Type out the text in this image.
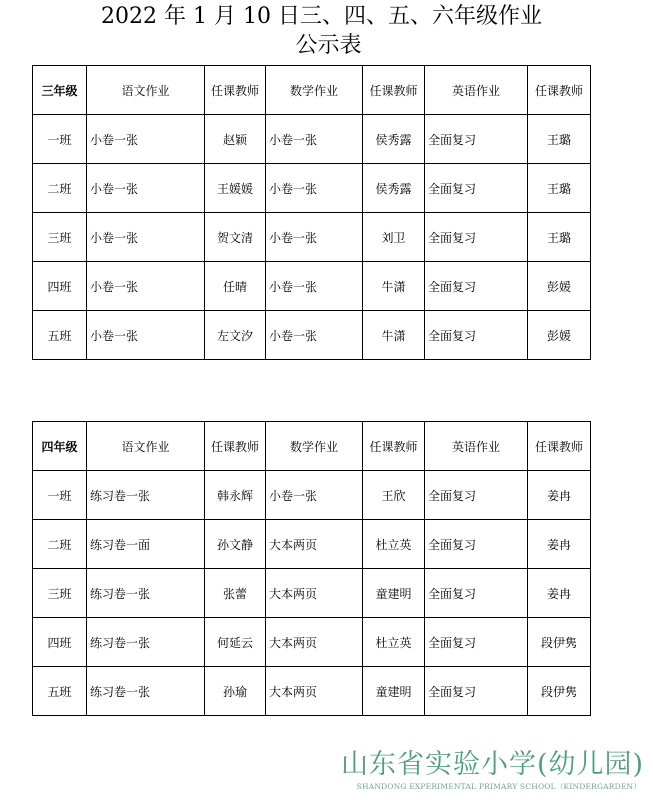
2022 年 1 月 10 日三、四、五、六年级作业
公示表
三年级	语文作业	任课教师	数学作业	任课教师	英语作业	任课教师
一班	小卷一张	赵颖	小卷一张	侯秀露	全面复习	王璐
二班	小卷一张	王媛媛	小卷一张	侯秀露	全面复习	王璐
三班	小卷一张	贺文清	小卷一张	刘卫	全面复习	王璐
四班	小卷一张	任晴	小卷一张	牛潇	全面复习	彭媛
五班	小卷一张	左文汐	小卷一张	牛潇	全面复习	彭媛
四年级	语文作业	任课教师	数学作业	任课教师	英语作业	任课教师
一班	练习卷一张	韩永辉	小卷一张	王欣	全面复习	姜冉
二班	练习卷一面	孙文静	大本两页	杜立英	全面复习	姜冉
三班	练习卷一张	张蕾	大本两页	童建明	全面复习	姜冉
四班	练习卷一张	何延云	大本两页	杜立英	全面复习	段伊隽
五班	练习卷一张	孙瑜	大本两页	童建明	全面复习	段伊隽
山东省实验小学(幼儿园)
SHANDONG EXPERIMENTAL PRIMARY SCHOOL（KINDERGARDEN）
